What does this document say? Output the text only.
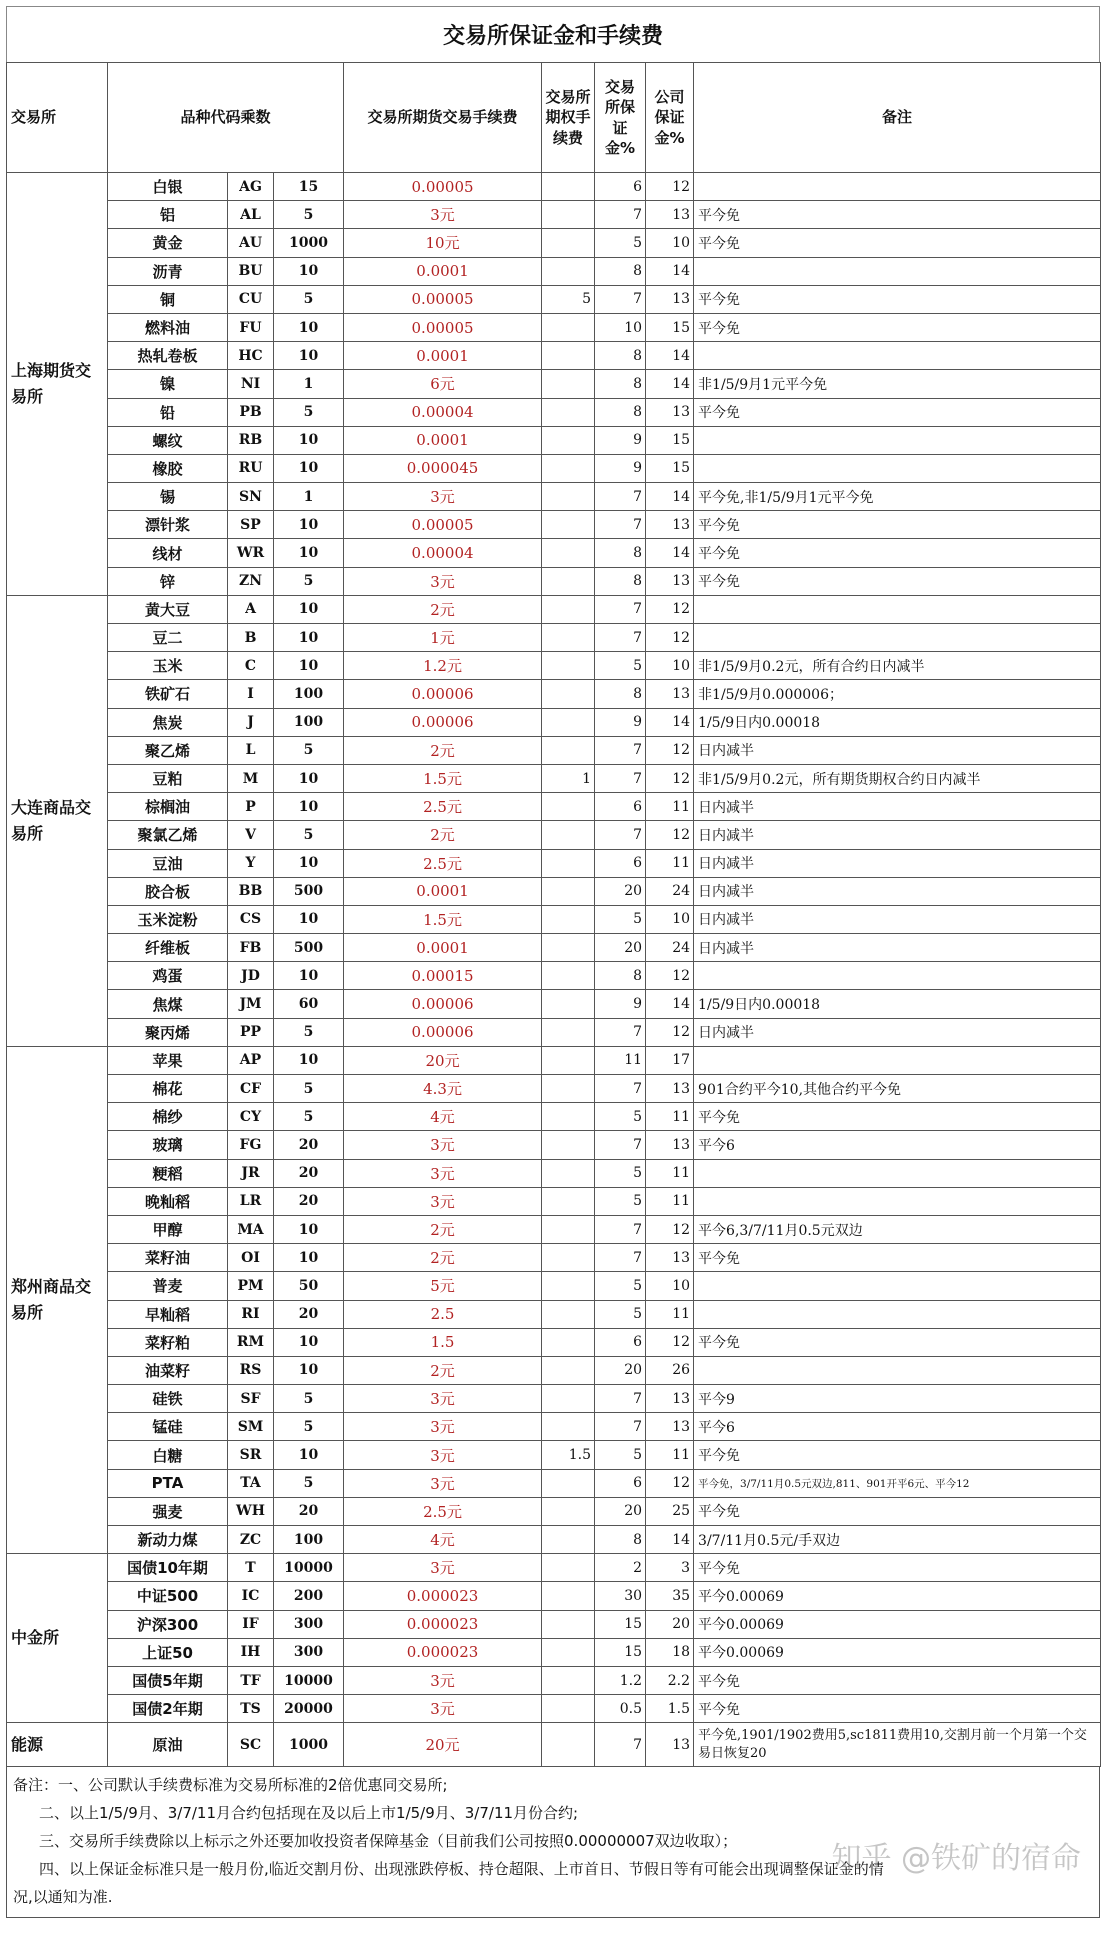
交易所保证金和手续费
交易所	品种代码乘数			交易所期货交易手续费	交易所期权手续费	交易所保证金%	公司保证金%	备注
上海期货交易所	白银	AG	15	0.00005		6	12	
	铝	AL	5	3元		7	13	平今免
	黄金	AU	1000	10元		5	10	平今免
	沥青	BU	10	0.0001		8	14	
	铜	CU	5	0.00005	5	7	13	平今免
	燃料油	FU	10	0.00005		10	15	平今免
	热轧卷板	HC	10	0.0001		8	14	
	镍	NI	1	6元		8	14	非1/5/9月1元平今免
	铅	PB	5	0.00004		8	13	平今免
	螺纹	RB	10	0.0001		9	15	
	橡胶	RU	10	0.000045		9	15	
	锡	SN	1	3元		7	14	平今免,非1/5/9月1元平今免
	漂针浆	SP	10	0.00005		7	13	平今免
	线材	WR	10	0.00004		8	14	平今免
	锌	ZN	5	3元		8	13	平今免
大连商品交易所	黄大豆	A	10	2元		7	12	
	豆二	B	10	1元		7	12	
	玉米	C	10	1.2元		5	10	非1/5/9月0.2元，所有合约日内减半
	铁矿石	I	100	0.00006		8	13	非1/5/9月0.000006；
	焦炭	J	100	0.00006		9	14	1/5/9日内0.00018
	聚乙烯	L	5	2元		7	12	日内减半
	豆粕	M	10	1.5元	1	7	12	非1/5/9月0.2元，所有期货期权合约日内减半
	棕榈油	P	10	2.5元		6	11	日内减半
	聚氯乙烯	V	5	2元		7	12	日内减半
	豆油	Y	10	2.5元		6	11	日内减半
	胶合板	BB	500	0.0001		20	24	日内减半
	玉米淀粉	CS	10	1.5元		5	10	日内减半
	纤维板	FB	500	0.0001		20	24	日内减半
	鸡蛋	JD	10	0.00015		8	12	
	焦煤	JM	60	0.00006		9	14	1/5/9日内0.00018
	聚丙烯	PP	5	0.00006		7	12	日内减半
郑州商品交易所	苹果	AP	10	20元		11	17	
	棉花	CF	5	4.3元		7	13	901合约平今10,其他合约平今免
	棉纱	CY	5	4元		5	11	平今免
	玻璃	FG	20	3元		7	13	平今6
	粳稻	JR	20	3元		5	11	
	晚籼稻	LR	20	3元		5	11	
	甲醇	MA	10	2元		7	12	平今6,3/7/11月0.5元双边
	菜籽油	OI	10	2元		7	13	平今免
	普麦	PM	50	5元		5	10	
	早籼稻	RI	20	2.5		5	11	
	菜籽粕	RM	10	1.5		6	12	平今免
	油菜籽	RS	10	2元		20	26	
	硅铁	SF	5	3元		7	13	平今9
	锰硅	SM	5	3元		7	13	平今6
	白糖	SR	10	3元	1.5	5	11	平今免
	PTA	TA	5	3元		6	12	平今免，3/7/11月0.5元双边,811、901开平6元、平今12
	强麦	WH	20	2.5元		20	25	平今免
	新动力煤	ZC	100	4元		8	14	3/7/11月0.5元/手双边
中金所	国债10年期	T	10000	3元		2	3	平今免
	中证500	IC	200	0.000023		30	35	平今0.00069
	沪深300	IF	300	0.000023		15	20	平今0.00069
	上证50	IH	300	0.000023		15	18	平今0.00069
	国债5年期	TF	10000	3元		1.2	2.2	平今免
	国债2年期	TS	20000	3元		0.5	1.5	平今免
能源	原油	SC	1000	20元		7	13	平今免,1901/1902费用5,sc1811费用10,交割月前一个月第一个交易日恢复20
备注：一、公司默认手续费标准为交易所标准的2倍优惠同交易所;
二、以上1/5/9月、3/7/11月合约包括现在及以后上市1/5/9月、3/7/11月份合约;
三、交易所手续费除以上标示之外还要加收投资者保障基金（目前我们公司按照0.00000007双边收取）；
四、以上保证金标准只是一般月份,临近交割月份、出现涨跌停板、持仓超限、上市首日、节假日等有可能会出现调整保证金的情
况,以通知为准.
知乎 @铁矿的宿命
